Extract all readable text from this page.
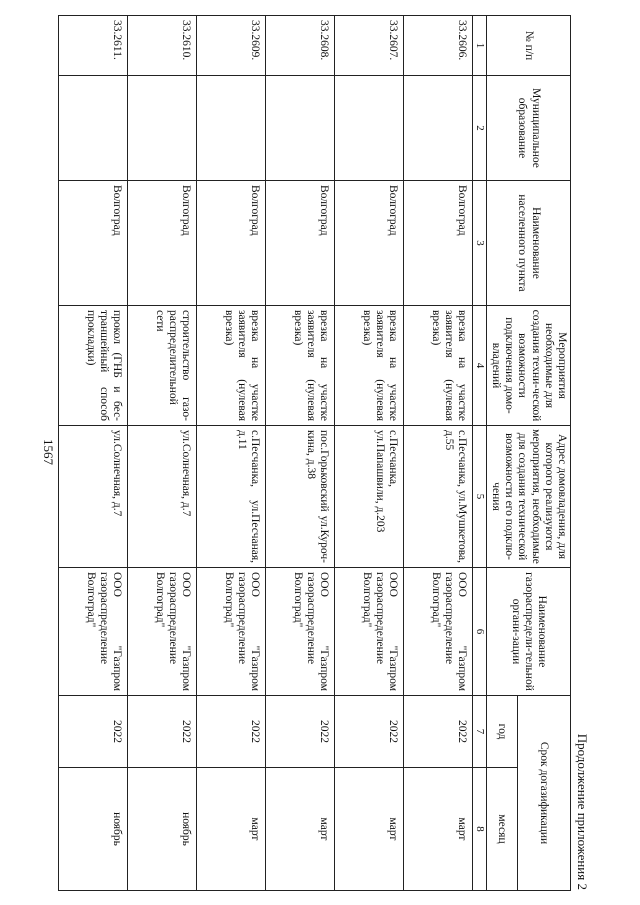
1567
Продолжение приложения 2
№ п/п	Муниципальное образование	Наименование населенного пункта	Мероприятия необходимые для создания техни-ческой возможности подключения домо-владений	Адрес домовладения, для которого реализуются мероприятия, необходимые для создания технической возможности его подклю-чения	Наименование газораспредели-тельной органи-зации	Срок догазификации	
						год	месяц
1	2	3	4	5	6	7	8
33.2606.		Волгоград	врезка на участке заявителя (нулевая врезка)	с.Песчанка, ул.Мушкетова, д.55	ООО "Газпром газораспределение Волгоград"	2022	март
33.2607.		Волгоград	врезка на участке заявителя (нулевая врезка)	с.Песчанка, ул.Папашвили, д.203	ООО "Газпром газораспределение Волгоград"	2022	март
33.2608.		Волгоград	врезка на участке заявителя (нулевая врезка)	пос.Горьковский ул.Куроч-кина, д.38	ООО "Газпром газораспределение Волгоград"	2022	март
33.2609.		Волгоград	врезка на участке заявителя (нулевая врезка)	с.Песчанка, ул.Песчаная, д.11	ООО "Газпром газораспределение Волгоград"	2022	март
33.2610.		Волгоград	строительство газо-распределительной сети	ул.Солнечная, д.7	ООО "Газпром газораспределение Волгоград"	2022	ноябрь
33.2611.		Волгоград	прокол (ГНБ и бес-траншейный способ прокладки)	ул.Солнечная, д.7	ООО "Газпром газораспределение Волгоград"	2022	ноябрь
